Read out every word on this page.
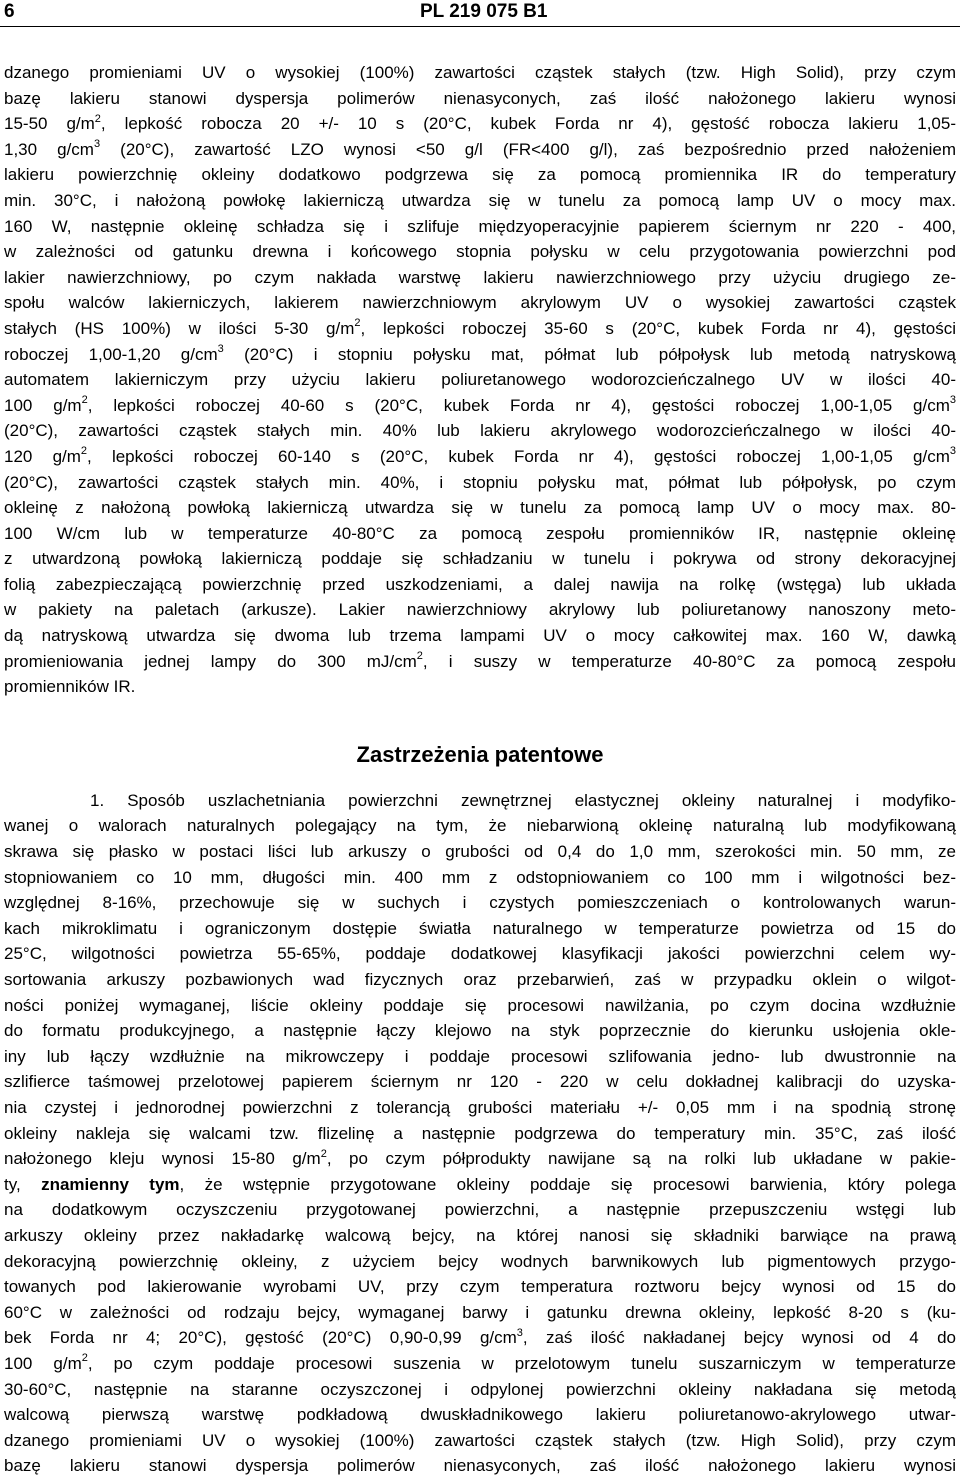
6	PL 219 075 B1
dzanego promieniami UV o wysokiej (100%) zawartości cząstek stałych (tzw. High Solid), przy czym
bazę lakieru stanowi dyspersja polimerów nienasyconych, zaś ilość nałożonego lakieru wynosi
15-50 $g/m^2$, lepkość robocza 20 +/- 10 s (20°C, kubek Forda nr 4), gęstość robocza lakieru 1,05-
1,30 $g/cm^3$ (20°C), zawartość LZO wynosi <50 g/l (FR<400 g/l), zaś bezpośrednio przed nałożeniem
lakieru powierzchnię okleiny dodatkowo podgrzewa się za pomocą promiennika IR do temperatury
min. 30°C, i nałożoną powłokę lakierniczą utwardza się w tunelu za pomocą lamp UV o mocy max.
160 W, następnie okleinę schładza się i szlifuje międzyoperacyjnie papierem ściernym nr 220 - 400,
w zależności od gatunku drewna i końcowego stopnia połysku w celu przygotowania powierzchni pod
lakier nawierzchniowy, po czym nakłada warstwę lakieru nawierzchniowego przy użyciu drugiego ze-
społu walców lakierniczych, lakierem nawierzchniowym akrylowym UV o wysokiej zawartości cząstek
stałych (HS 100%) w ilości 5-30 $g/m^2$, lepkości roboczej 35-60 s (20°C, kubek Forda nr 4), gęstości
roboczej 1,00-1,20 $g/cm^3$ (20°C) i stopniu połysku mat, półmat lub półpołysk lub metodą natryskową
automatem lakierniczym przy użyciu lakieru poliuretanowego wodorozcieńczalnego UV w ilości 40-
100 $g/m^2$, lepkości roboczej 40-60 s (20°C, kubek Forda nr 4), gęstości roboczej 1,00-1,05 $g/cm^3$
(20°C), zawartości cząstek stałych min. 40% lub lakieru akrylowego wodorozcieńczalnego w ilości 40-
120 $g/m^2$, lepkości roboczej 60-140 s (20°C, kubek Forda nr 4), gęstości roboczej 1,00-1,05 $g/cm^3$
(20°C), zawartości cząstek stałych min. 40%, i stopniu połysku mat, półmat lub półpołysk, po czym
okleinę z nałożoną powłoką lakierniczą utwardza się w tunelu za pomocą lamp UV o mocy max. 80-
100 W/cm lub w temperaturze 40-80°C za pomocą zespołu promienników IR, następnie okleinę
z utwardzoną powłoką lakierniczą poddaje się schładzaniu w tunelu i pokrywa od strony dekoracyjnej
folią zabezpieczającą powierzchnię przed uszkodzeniami, a dalej nawija na rolkę (wstęga) lub układa
w pakiety na paletach (arkusze). Lakier nawierzchniowy akrylowy lub poliuretanowy nanoszony meto-
dą natryskową utwardza się dwoma lub trzema lampami UV o mocy całkowitej max. 160 W, dawką
promieniowania jednej lampy do 300 $mJ/cm^2$, i suszy w temperaturze 40-80°C za pomocą zespołu
promienników IR.
Zastrzeżenia patentowe
1. Sposób uszlachetniania powierzchni zewnętrznej elastycznej okleiny naturalnej i modyfiko-
wanej o walorach naturalnych polegający na tym, że niebarwioną okleinę naturalną lub modyfikowaną
skrawa się płasko w postaci liści lub arkuszy o grubości od 0,4 do 1,0 mm, szerokości min. 50 mm, ze
stopniowaniem co 10 mm, długości min. 400 mm z odstopniowaniem co 100 mm i wilgotności bez-
względnej 8-16%, przechowuje się w suchych i czystych pomieszczeniach o kontrolowanych warun-
kach mikroklimatu i ograniczonym dostępie światła naturalnego w temperaturze powietrza od 15 do
25°C, wilgotności powietrza 55-65%, poddaje dodatkowej klasyfikacji jakości powierzchni celem wy-
sortowania arkuszy pozbawionych wad fizycznych oraz przebarwień, zaś w przypadku oklein o wilgot-
ności poniżej wymaganej, liście okleiny poddaje się procesowi nawilżania, po czym docina wzdłużnie
do formatu produkcyjnego, a następnie łączy klejowo na styk poprzecznie do kierunku usłojenia okle-
iny lub łączy wzdłużnie na mikrowczepy i poddaje procesowi szlifowania jedno- lub dwustronnie na
szlifierce taśmowej przelotowej papierem ściernym nr 120 - 220 w celu dokładnej kalibracji do uzyska-
nia czystej i jednorodnej powierzchni z tolerancją grubości materiału +/- 0,05 mm i na spodnią stronę
okleiny nakleja się walcami tzw. flizelinę a następnie podgrzewa do temperatury min. 35°C, zaś ilość
nałożonego kleju wynosi 15-80 $g/m^2$, po czym półprodukty nawijane są na rolki lub układane w pakie-
ty, znamienny tym, że wstępnie przygotowane okleiny poddaje się procesowi barwienia, który polega
na dodatkowym oczyszczeniu przygotowanej powierzchni, a następnie przepuszczeniu wstęgi lub
arkuszy okleiny przez nakładarkę walcową bejcy, na której nanosi się składniki barwiące na prawą
dekoracyjną powierzchnię okleiny, z użyciem bejcy wodnych barwnikowych lub pigmentowych przygo-
towanych pod lakierowanie wyrobami UV, przy czym temperatura roztworu bejcy wynosi od 15 do
60°C w zależności od rodzaju bejcy, wymaganej barwy i gatunku drewna okleiny, lepkość 8-20 s (ku-
bek Forda nr 4; 20°C), gęstość (20°C) 0,90-0,99 $g/cm^3$, zaś ilość nakładanej bejcy wynosi od 4 do
100 $g/m^2$, po czym poddaje procesowi suszenia w przelotowym tunelu suszarniczym w temperaturze
30-60°C, następnie na staranne oczyszczonej i odpylonej powierzchni okleiny nakładana się metodą
walcową pierwszą warstwę podkładową dwuskładnikowego lakieru poliuretanowo-akrylowego utwar-
dzanego promieniami UV o wysokiej (100%) zawartości cząstek stałych (tzw. High Solid), przy czym
bazę lakieru stanowi dyspersja polimerów nienasyconych, zaś ilość nałożonego lakieru wynosi
